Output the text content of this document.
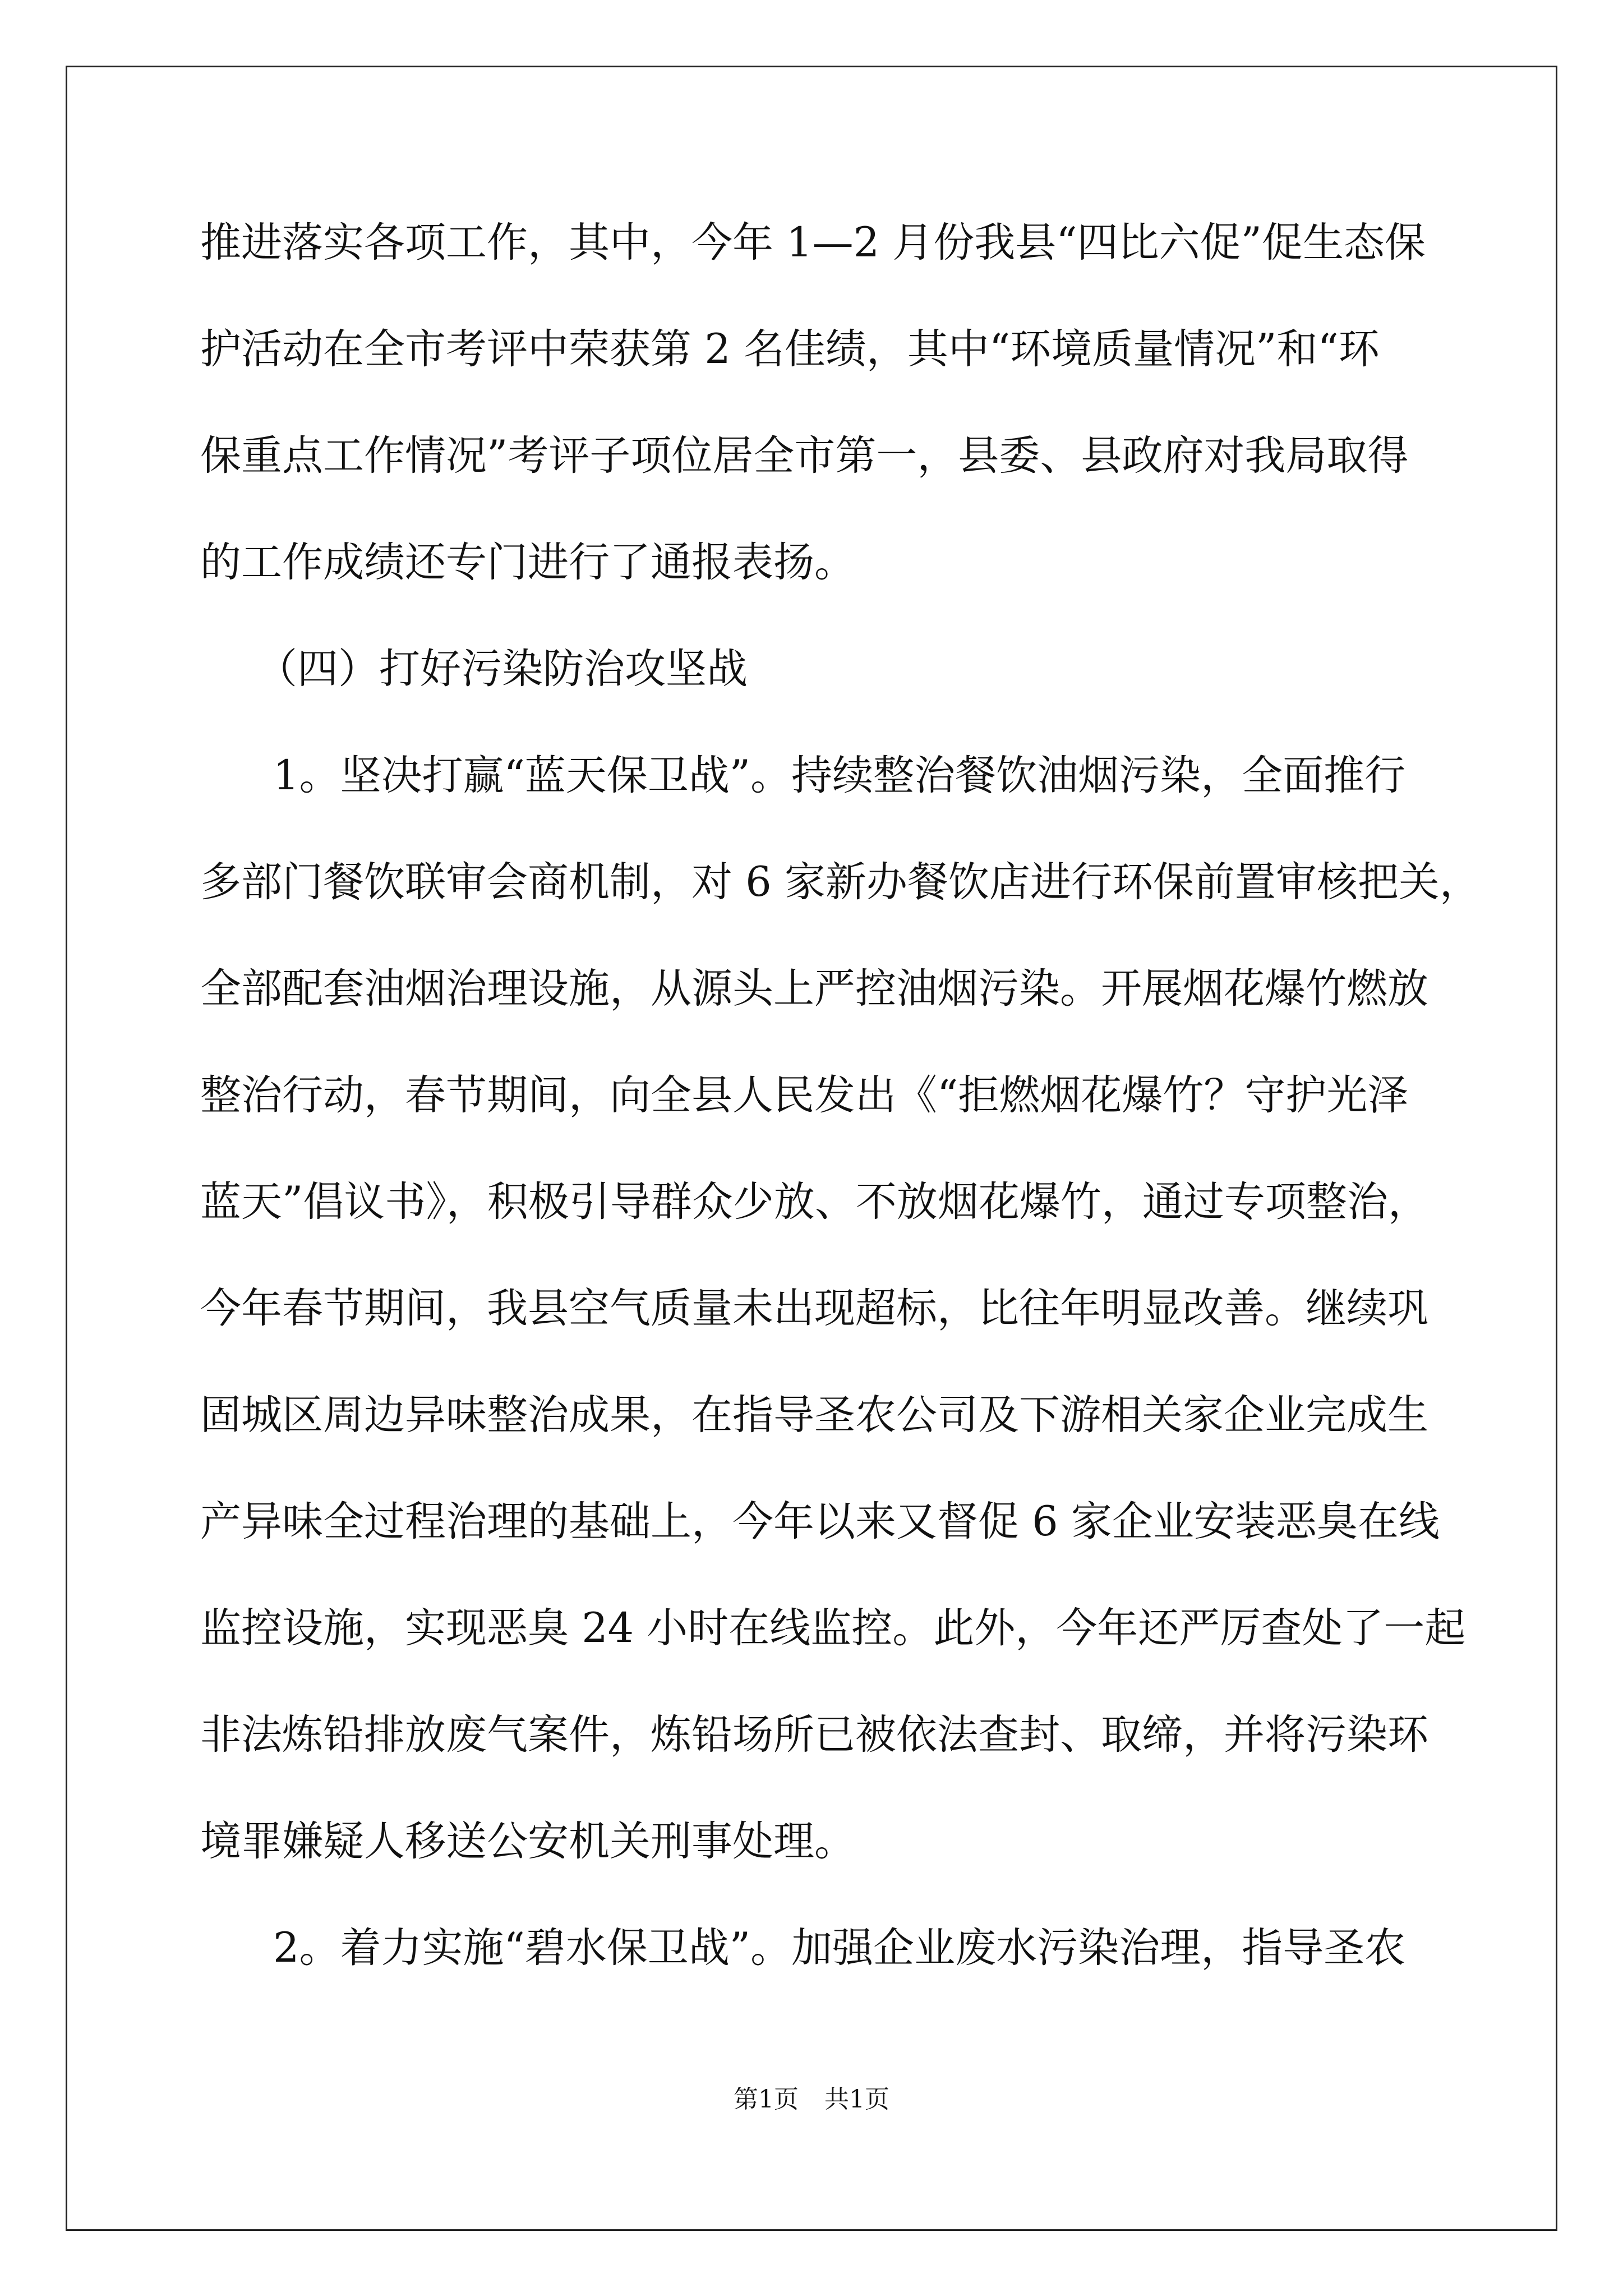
推进落实各项工作，其中，今年 1—2 月份我县“四比六促”促生态保
护活动在全市考评中荣获第 2 名佳绩，其中“环境质量情况”和“环
保重点工作情况”考评子项位居全市第一，县委、县政府对我局取得
的工作成绩还专门进行了通报表扬。
（四）打好污染防治攻坚战
1。坚决打赢“蓝天保卫战”。持续整治餐饮油烟污染，全面推行
多部门餐饮联审会商机制，对 6 家新办餐饮店进行环保前置审核把关，
全部配套油烟治理设施，从源头上严控油烟污染。开展烟花爆竹燃放
整治行动，春节期间，向全县人民发出《“拒燃烟花爆竹？守护光泽
蓝天”倡议书》，积极引导群众少放、不放烟花爆竹，通过专项整治，
今年春节期间，我县空气质量未出现超标，比往年明显改善。继续巩
固城区周边异味整治成果，在指导圣农公司及下游相关家企业完成生
产异味全过程治理的基础上，今年以来又督促 6 家企业安装恶臭在线
监控设施，实现恶臭 24 小时在线监控。此外，今年还严厉查处了一起
非法炼铅排放废气案件，炼铅场所已被依法查封、取缔，并将污染环
境罪嫌疑人移送公安机关刑事处理。
2。着力实施“碧水保卫战”。加强企业废水污染治理，指导圣农
第1页 共1页
